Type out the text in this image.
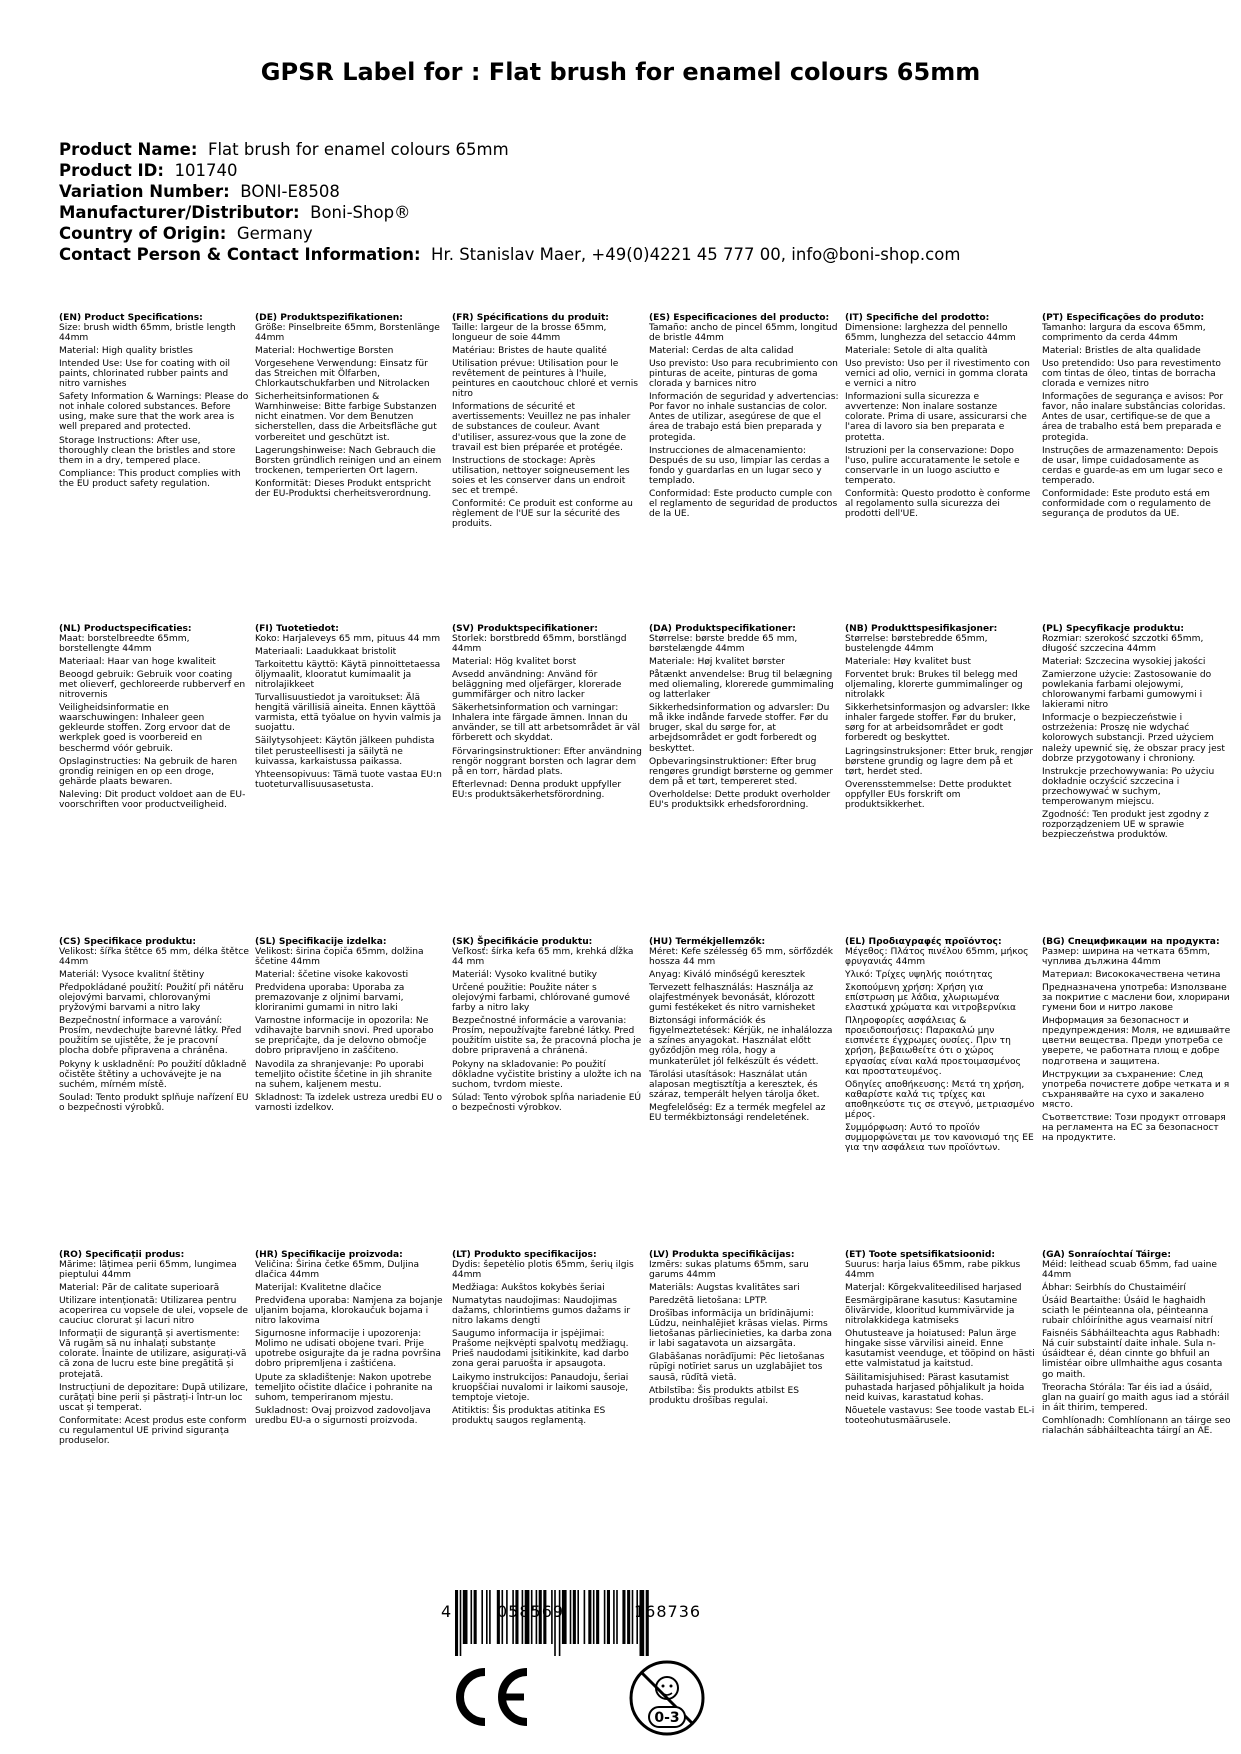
GPSR Label for : Flat brush for enamel colours 65mm
Product Name: Flat brush for enamel colours 65mm
Product ID: 101740
Variation Number: BONI-E8508
Manufacturer/Distributor: Boni-Shop®
Country of Origin: Germany
Contact Person & Contact Information: Hr. Stanislav Maer, +49(0)4221 45 777 00, info@boni-shop.com
4	058569	168736
0-3
(EN) Product Specifications:
Size: brush width 65mm, bristle length 44mm
Material: High quality bristles
Intended Use: Use for coating with oil paints, chlorinated rubber paints and nitro varnishes
Safety Information & Warnings: Please do not inhale colored substances. Before using, make sure that the work area is well prepared and protected.
Storage Instructions: After use, thoroughly clean the bristles and store them in a dry, tempered place.
Compliance: This product complies with the EU product safety regulation.
(DE) Produktspezifikationen:
Größe: Pinselbreite 65mm, Borstenlänge 44mm
Material: Hochwertige Borsten
Vorgesehene Verwendung: Einsatz für das Streichen mit Ölfarben, Chlorkautschukfarben und Nitrolacken
Sicherheitsinformationen & Warnhinweise: Bitte farbige Substanzen nicht einatmen. Vor dem Benutzen sicherstellen, dass die Arbeitsfläche gut vorbereitet und geschützt ist.
Lagerungshinweise: Nach Gebrauch die Borsten gründlich reinigen und an einem trockenen, temperierten Ort lagern.
Konformität: Dieses Produkt entspricht der EU-Produktsi cherheitsverordnung.
(FR) Spécifications du produit:
Taille: largeur de la brosse 65mm, longueur de soie 44mm
Matériau: Bristes de haute qualité
Utilisation prévue: Utilisation pour le revêtement de peintures à l'huile, peintures en caoutchouc chloré et vernis nitro
Informations de sécurité et avertissements: Veuillez ne pas inhaler de substances de couleur. Avant d'utiliser, assurez-vous que la zone de travail est bien préparée et protégée.
Instructions de stockage: Après utilisation, nettoyer soigneusement les soies et les conserver dans un endroit sec et trempé.
Conformité: Ce produit est conforme au règlement de l'UE sur la sécurité des produits.
(ES) Especificaciones del producto:
Tamaño: ancho de pincel 65mm, longitud de bristle 44mm
Material: Cerdas de alta calidad
Uso previsto: Uso para recubrimiento con pinturas de aceite, pinturas de goma clorada y barnices nitro
Información de seguridad y advertencias: Por favor no inhale sustancias de color. Antes de utilizar, asegúrese de que el área de trabajo está bien preparada y protegida.
Instrucciones de almacenamiento: Después de su uso, limpiar las cerdas a fondo y guardarlas en un lugar seco y templado.
Conformidad: Este producto cumple con el reglamento de seguridad de productos de la UE.
(IT) Specifiche del prodotto:
Dimensione: larghezza del pennello 65mm, lunghezza del setaccio 44mm
Materiale: Setole di alta qualità
Uso previsto: Uso per il rivestimento con vernici ad olio, vernici in gomma clorata e vernici a nitro
Informazioni sulla sicurezza e avvertenze: Non inalare sostanze colorate. Prima di usare, assicurarsi che l'area di lavoro sia ben preparata e protetta.
Istruzioni per la conservazione: Dopo l'uso, pulire accuratamente le setole e conservarle in un luogo asciutto e temperato.
Conformità: Questo prodotto è conforme al regolamento sulla sicurezza dei prodotti dell'UE.
(PT) Especificações do produto:
Tamanho: largura da escova 65mm, comprimento da cerda 44mm
Material: Bristles de alta qualidade
Uso pretendido: Uso para revestimento com tintas de óleo, tintas de borracha clorada e vernizes nitro
Informações de segurança e avisos: Por favor, não inalare substâncias coloridas. Antes de usar, certifique-se de que a área de trabalho está bem preparada e protegida.
Instruções de armazenamento: Depois de usar, limpe cuidadosamente as cerdas e guarde-as em um lugar seco e temperado.
Conformidade: Este produto está em conformidade com o regulamento de segurança de produtos da UE.
(NL) Productspecificaties:
Maat: borstelbreedte 65mm, borstellengte 44mm
Materiaal: Haar van hoge kwaliteit
Beoogd gebruik: Gebruik voor coating met olieverf, gechloreerde rubberverf en nitrovernis
Veiligheidsinformatie en waarschuwingen: Inhaleer geen gekleurde stoffen. Zorg ervoor dat de werkplek goed is voorbereid en beschermd vóór gebruik.
Opslaginstructies: Na gebruik de haren grondig reinigen en op een droge, gehärde plaats bewaren.
Naleving: Dit product voldoet aan de EU-voorschriften voor productveiligheid.
(FI) Tuotetiedot:
Koko: Harjaleveys 65 mm, pituus 44 mm
Materiaali: Laadukkaat bristolit
Tarkoitettu käyttö: Käytä pinnoittetaessa öljymaalit, klooratut kumimaalit ja nitrolajikkeet
Turvallisuustiedot ja varoitukset: Älä hengitä värillisiä aineita. Ennen käyttöä varmista, että työalue on hyvin valmis ja suojattu.
Säilytysohjeet: Käytön jälkeen puhdista tilet perusteellisesti ja säilytä ne kuivassa, karkaistussa paikassa.
Yhteensopivuus: Tämä tuote vastaa EU:n tuoteturvallisuusasetusta.
(SV) Produktspecifikationer:
Storlek: borstbredd 65mm, borstlängd 44mm
Material: Hög kvalitet borst
Avsedd användning: Använd för beläggning med oljefärger, klorerade gummifärger och nitro lacker
Säkerhetsinformation och varningar: Inhalera inte färgade ämnen. Innan du använder, se till att arbetsområdet är väl förberett och skyddat.
Förvaringsinstruktioner: Efter användning rengör noggrant borsten och lagrar dem på en torr, härdad plats.
Efterlevnad: Denna produkt uppfyller EU:s produktsäkerhetsförordning.
(DA) Produktspecifikationer:
Størrelse: børste bredde 65 mm, børstelængde 44mm
Materiale: Høj kvalitet børster
Påtænkt anvendelse: Brug til belægning med oliemaling, klorerede gummimaling og latterlaker
Sikkerhedsinformation og advarsler: Du må ikke indånde farvede stoffer. Før du bruger, skal du sørge for, at arbejdsområdet er godt forberedt og beskyttet.
Opbevaringsinstruktioner: Efter brug rengøres grundigt børsterne og gemmer dem på et tørt, tempereret sted.
Overholdelse: Dette produkt overholder EU's produktsikk erhedsforordning.
(NB) Produkttspesifikasjoner:
Størrelse: børstebredde 65mm, bustelengde 44mm
Materiale: Høy kvalitet bust
Forventet bruk: Brukes til belegg med oljemaling, klorerte gummimalinger og nitrolakk
Sikkerhetsinformasjon og advarsler: Ikke inhaler fargede stoffer. Før du bruker, sørg for at arbeidsområdet er godt forberedt og beskyttet.
Lagringsinstruksjoner: Etter bruk, rengjør børstene grundig og lagre dem på et tørt, herdet sted.
Overensstemmelse: Dette produktet oppfyller EUs forskrift om produktsikkerhet.
(PL) Specyfikacje produktu:
Rozmiar: szerokość szczotki 65mm, długość szczecina 44mm
Materiał: Szczecina wysokiej jakości
Zamierzone użycie: Zastosowanie do powlekania farbami olejowymi, chlorowanymi farbami gumowymi i lakierami nitro
Informacje o bezpieczeństwie i ostrzeżenia: Proszę nie wdychać kolorowych substancji. Przed użyciem należy upewnić się, że obszar pracy jest dobrze przygotowany i chroniony.
Instrukcje przechowywania: Po użyciu dokładnie oczyścić szczecina i przechowywać w suchym, temperowanym miejscu.
Zgodność: Ten produkt jest zgodny z rozporządzeniem UE w sprawie bezpieczeństwa produktów.
(CS) Specifikace produktu:
Velikost: šířka štětce 65 mm, délka štětce 44mm
Materiál: Vysoce kvalitní štětiny
Předpokládané použití: Použití při nátěru olejovými barvami, chlorovanými pryžovými barvami a nitro laky
Bezpečnostní informace a varování: Prosím, nevdechujte barevné látky. Před použitím se ujistěte, že je pracovní plocha dobře připravena a chráněna.
Pokyny k uskladnění: Po použití důkladně očistěte štětiny a uchovávejte je na suchém, mírném místě.
Soulad: Tento produkt splňuje nařízení EU o bezpečnosti výrobků.
(SL) Specifikacije izdelka:
Velikost: širina čopiča 65mm, dolžina ščetine 44mm
Material: ščetine visoke kakovosti
Predvidena uporaba: Uporaba za premazovanje z oljnimi barvami, kloriranimi gumami in nitro laki
Varnostne informacije in opozorila: Ne vdihavajte barvnih snovi. Pred uporabo se prepričajte, da je delovno območje dobro pripravljeno in zaščiteno.
Navodila za shranjevanje: Po uporabi temeljito očistite ščetine in jih shranite na suhem, kaljenem mestu.
Skladnost: Ta izdelek ustreza uredbi EU o varnosti izdelkov.
(SK) Špecifikácie produktu:
Veľkosť: šírka kefa 65 mm, krehká dĺžka 44 mm
Materiál: Vysoko kvalitné butiky
Určené použitie: Použite náter s olejovými farbami, chlórované gumové farby a nitro laky
Bezpečnostné informácie a varovania: Prosím, nepoužívajte farebné látky. Pred použitím uistite sa, že pracovná plocha je dobre pripravená a chránená.
Pokyny na skladovanie: Po použití dôkladne vyčistite bristiny a uložte ich na suchom, tvrdom mieste.
Súlad: Tento výrobok spĺňa nariadenie EÚ o bezpečnosti výrobkov.
(HU) Termékjellemzők:
Méret: Kefe szélesség 65 mm, sörfőzdék hossza 44 mm
Anyag: Kiváló minőségű keresztek
Tervezett felhasználás: Használja az olajfestmények bevonását, klórozott gumi festékeket és nitro varnisheket
Biztonsági információk és figyelmeztetések: Kérjük, ne inhalálozza a színes anyagokat. Használat előtt győződjön meg róla, hogy a munkaterület jól felkészült és védett.
Tárolási utasítások: Használat után alaposan megtisztítja a keresztek, és száraz, temperált helyen tárolja őket.
Megfelelőség: Ez a termék megfelel az EU termékbiztonsági rendeletének.
(EL) Προδιαγραφές προϊόντος:
Μέγεθος: Πλάτος πινέλου 65mm, μήκος φρυγανιάς 44mm
Υλικό: Τρίχες υψηλής ποιότητας
Σκοπούμενη χρήση: Χρήση για επίστρωση με λάδια, χλωριωμένα ελαστικά χρώματα και νιτροβερνίκια
Πληροφορίες ασφάλειας & προειδοποιήσεις: Παρακαλώ μην εισπνέετε έγχρωμες ουσίες. Πριν τη χρήση, βεβαιωθείτε ότι ο χώρος εργασίας είναι καλά προετοιμασμένος και προστατευμένος.
Οδηγίες αποθήκευσης: Μετά τη χρήση, καθαρίστε καλά τις τρίχες και αποθηκεύστε τις σε στεγνό, μετριασμένο μέρος.
Συμμόρφωση: Αυτό το προϊόν συμμορφώνεται με τον κανονισμό της ΕΕ για την ασφάλεια των προϊόντων.
(BG) Спецификации на продукта:
Размер: ширина на четката 65mm, чуплива дължина 44mm
Материал: Висококачествена четина
Предназначена употреба: Използване за покритие с маслени бои, хлорирани гумени бои и нитро лакове
Информация за безопасност и предупреждения: Моля, не вдишвайте цветни вещества. Преди употреба се уверете, че работната площ е добре подготвена и защитена.
Инструкции за съхранение: След употреба почистете добре четката и я съхранявайте на сухо и закалено място.
Съответствие: Този продукт отговаря на регламента на ЕС за безопасност на продуктите.
(RO) Specificații produs:
Mărime: lățimea perii 65mm, lungimea pieptului 44mm
Material: Păr de calitate superioară
Utilizare intenționată: Utilizarea pentru acoperirea cu vopsele de ulei, vopsele de cauciuc clorurat și lacuri nitro
Informații de siguranță și avertismente: Vă rugăm să nu inhalați substanțe colorate. Înainte de utilizare, asigurați-vă că zona de lucru este bine pregătită și protejată.
Instrucțiuni de depozitare: După utilizare, curățați bine perii și păstrați-i într-un loc uscat și temperat.
Conformitate: Acest produs este conform cu regulamentul UE privind siguranța produselor.
(HR) Specifikacije proizvoda:
Veličina: Širina četke 65mm, Duljina dlačica 44mm
Materijal: Kvalitetne dlačice
Predviđena uporaba: Namjena za bojanje uljanim bojama, klorokaučuk bojama i nitro lakovima
Sigurnosne informacije i upozorenja: Molimo ne udisati obojene tvari. Prije upotrebe osigurajte da je radna površina dobro pripremljena i zaštićena.
Upute za skladištenje: Nakon upotrebe temeljito očistite dlačice i pohranite na suhom, temperiranom mjestu.
Sukladnost: Ovaj proizvod zadovoljava uredbu EU-a o sigurnosti proizvoda.
(LT) Produkto specifikacijos:
Dydis: šepetėlio plotis 65mm, šerių ilgis 44mm
Medžiaga: Aukštos kokybės šeriai
Numatytas naudojimas: Naudojimas dažams, chlorintiems gumos dažams ir nitro lakams dengti
Saugumo informacija ir įspėjimai: Prašome neįkvėpti spalvotų medžiagų. Prieš naudodami įsitikinkite, kad darbo zona gerai paruošta ir apsaugota.
Laikymo instrukcijos: Panaudoju, šeriai kruopščiai nuvalomi ir laikomi sausoje, temptoje vietoje.
Atitiktis: Šis produktas atitinka ES produktų saugos reglamentą.
(LV) Produkta specifikācijas:
Izmērs: sukas platums 65mm, saru garums 44mm
Materiāls: Augstas kvalitātes sari
Paredzētā lietošana: LPTP.
Drošības informācija un brīdinājumi: Lūdzu, neinhalējiet krāsas vielas. Pirms lietošanas pārliecinieties, ka darba zona ir labi sagatavota un aizsargāta.
Glabāšanas norādījumi: Pēc lietošanas rūpīgi notīriet sarus un uzglabājiet tos sausā, rūdītā vietā.
Atbilstība: Šis produkts atbilst ES produktu drošības regulai.
(ET) Toote spetsifikatsioonid:
Suurus: harja laius 65mm, rabe pikkus 44mm
Materjal: Kõrgekvaliteedilised harjased
Eesmärgipärane kasutus: Kasutamine õlivärvide, klooritud kummivärvide ja nitrolakkidega katmiseks
Ohutusteave ja hoiatused: Palun ärge hingake sisse värvilisi aineid. Enne kasutamist veenduge, et tööpind on hästi ette valmistatud ja kaitstud.
Säilitamisjuhised: Pärast kasutamist puhastada harjased põhjalikult ja hoida neid kuivas, karastatud kohas.
Nõuetele vastavus: See toode vastab EL-i tooteohutusmäärusele.
(GA) Sonraíochtaí Táirge:
Méid: leithead scuab 65mm, fad uaine 44mm
Ábhar: Seirbhís do Chustaiméirí
Úsáid Beartaithe: Úsáid le haghaidh sciath le péinteanna ola, péinteanna rubair chlóirínithe agus vearnaisí nitrí
Faisnéis Sábháilteachta agus Rabhadh: Ná cuir substaintí daite inhale. Sula n-úsáidtear é, déan cinnte go bhfuil an limistéar oibre ullmhaithe agus cosanta go maith.
Treoracha Stórála: Tar éis iad a úsáid, glan na guairí go maith agus iad a stóráil in áit thirim, tempered.
Comhlíonadh: Comhlíonann an táirge seo rialachán sábháilteachta táirgí an AE.
